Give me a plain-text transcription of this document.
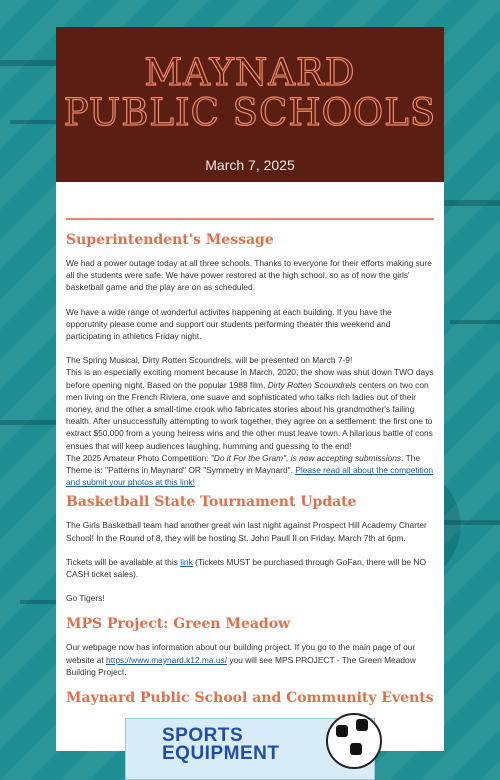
MAYNARD
PUBLIC SCHOOLS
March 7, 2025
Superintendent's Message

We had a power outage today at all three schools. Thanks to everyone for their efforts making sure all the students were safe. We have power restored at the high school, so as of now the girls' basketball game and the play are on as scheduled.

We have a wide range of wonderful activites happening at each building. If you have the opporutnity please come and support our students performing theater this weekend and participating in athletics Friday night.

The Spring Musical, Dirty Rotten Scoundrels, will be presented on March 7-9!
This is an especially exciting moment because in March, 2020, the show was shut down TWO days before opening night. Based on the popular 1988 film, Dirty Rotten Scoundrels centers on two con men living on the French Riviera, one suave and sophisticated who talks rich ladies out of their money, and the other a small-time crook who fabricates stories about his grandmother's failing health. After unsuccessfully attempting to work together, they agree on a settlement: the first one to extract $50,000 from a young heiress wins and the other must leave town. A hilarious battle of cons ensues that will keep audiences laughing, humming and guessing to the end!
The 2025 Amateur Photo Competition: "Do it For the Gram", is now accepting submissions. The Theme is: "Patterns in Maynard" OR "Symmetry in Maynard". Please read all about the competition and submit your photos at this link!

Basketball State Tournament Update

The Girls Basketball team had another great win last night against Prospect Hill Academy Charter School! In the Round of 8, they will be hosting St. John Paull II on Friday, March 7th at 6pm.

Tickets will be available at this link (Tickets MUST be purchased through GoFan, there will be NO CASH ticket sales).

Go Tigers!

MPS Project: Green Meadow

Our webpage now has information about our building project. If you go to the main page of our website at https://www.maynard.k12.ma.us/ you will see MPS PROJECT - The Green Meadow Building Project.

Maynard Public School and Community Events
SPORTS
EQUIPMENT
